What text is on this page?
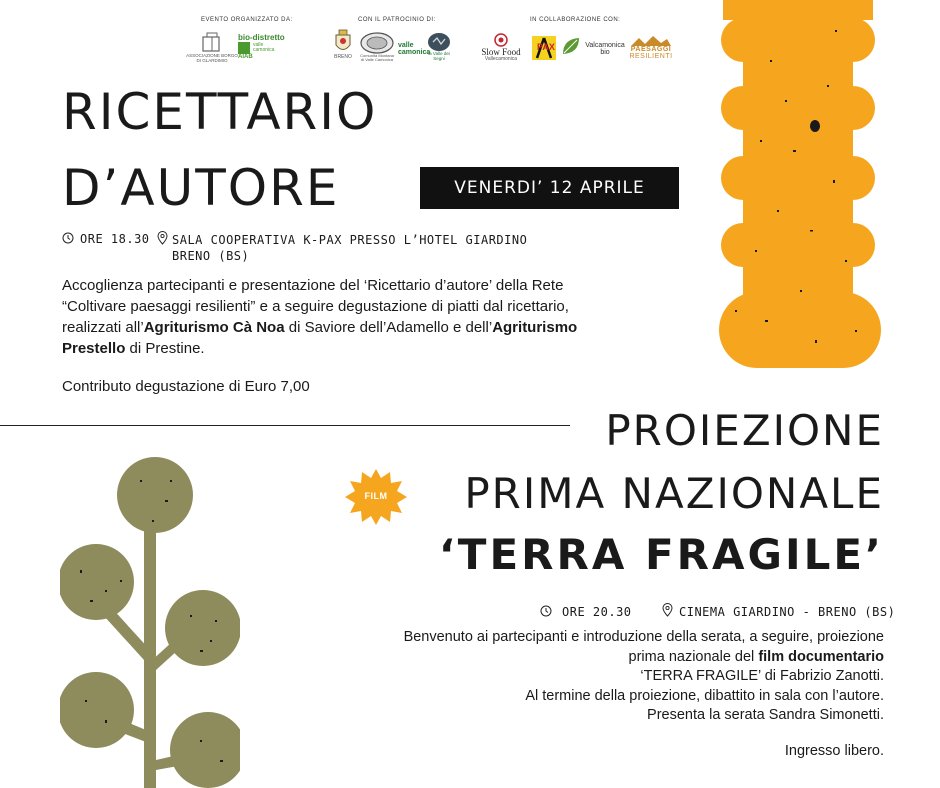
EVENTO ORGANIZZATO DA:	CON IL PATROCINIO DI:	IN COLLABORAZIONE CON:
ASSOCIAZIONE BORGO DI GLARDIMIO
bio-distretto
valle camonica
AIAB	BRENO	Comunità Montana di Valle Camonica
valle
camonica
la Valle dei Segni
Slow Food
Vallecamonica
PAX	Valcamonica
bio	PAESAGGI
RESILIENTI
RICETTARIO
D’AUTORE	VENERDI’ 12 APRILE
ORE 18.30 SALA COOPERATIVA K-PAX PRESSO L’HOTEL GIARDINO
BRENO (BS)
Accoglienza partecipanti e presentazione del ‘Ricettario d’autore’ della Rete “Coltivare paesaggi resilienti” e a seguire degustazione di piatti dal ricettario, realizzati all’Agriturismo Cà Noa di Saviore dell’Adamello e dell’Agriturismo Prestello di Prestine.
Contributo degustazione di Euro 7,00
PROIEZIONE
PRIMA NAZIONALE
‘TERRA FRAGILE’
FILM
ORE 20.30	CINEMA GIARDINO - BRENO (BS)
Benvenuto ai partecipanti e introduzione della serata, a seguire, proiezione
prima nazionale del film documentario
‘TERRA FRAGILE’ di Fabrizio Zanotti.
Al termine della proiezione, dibattito in sala con l’autore.
Presenta la serata Sandra Simonetti.
Ingresso libero.
